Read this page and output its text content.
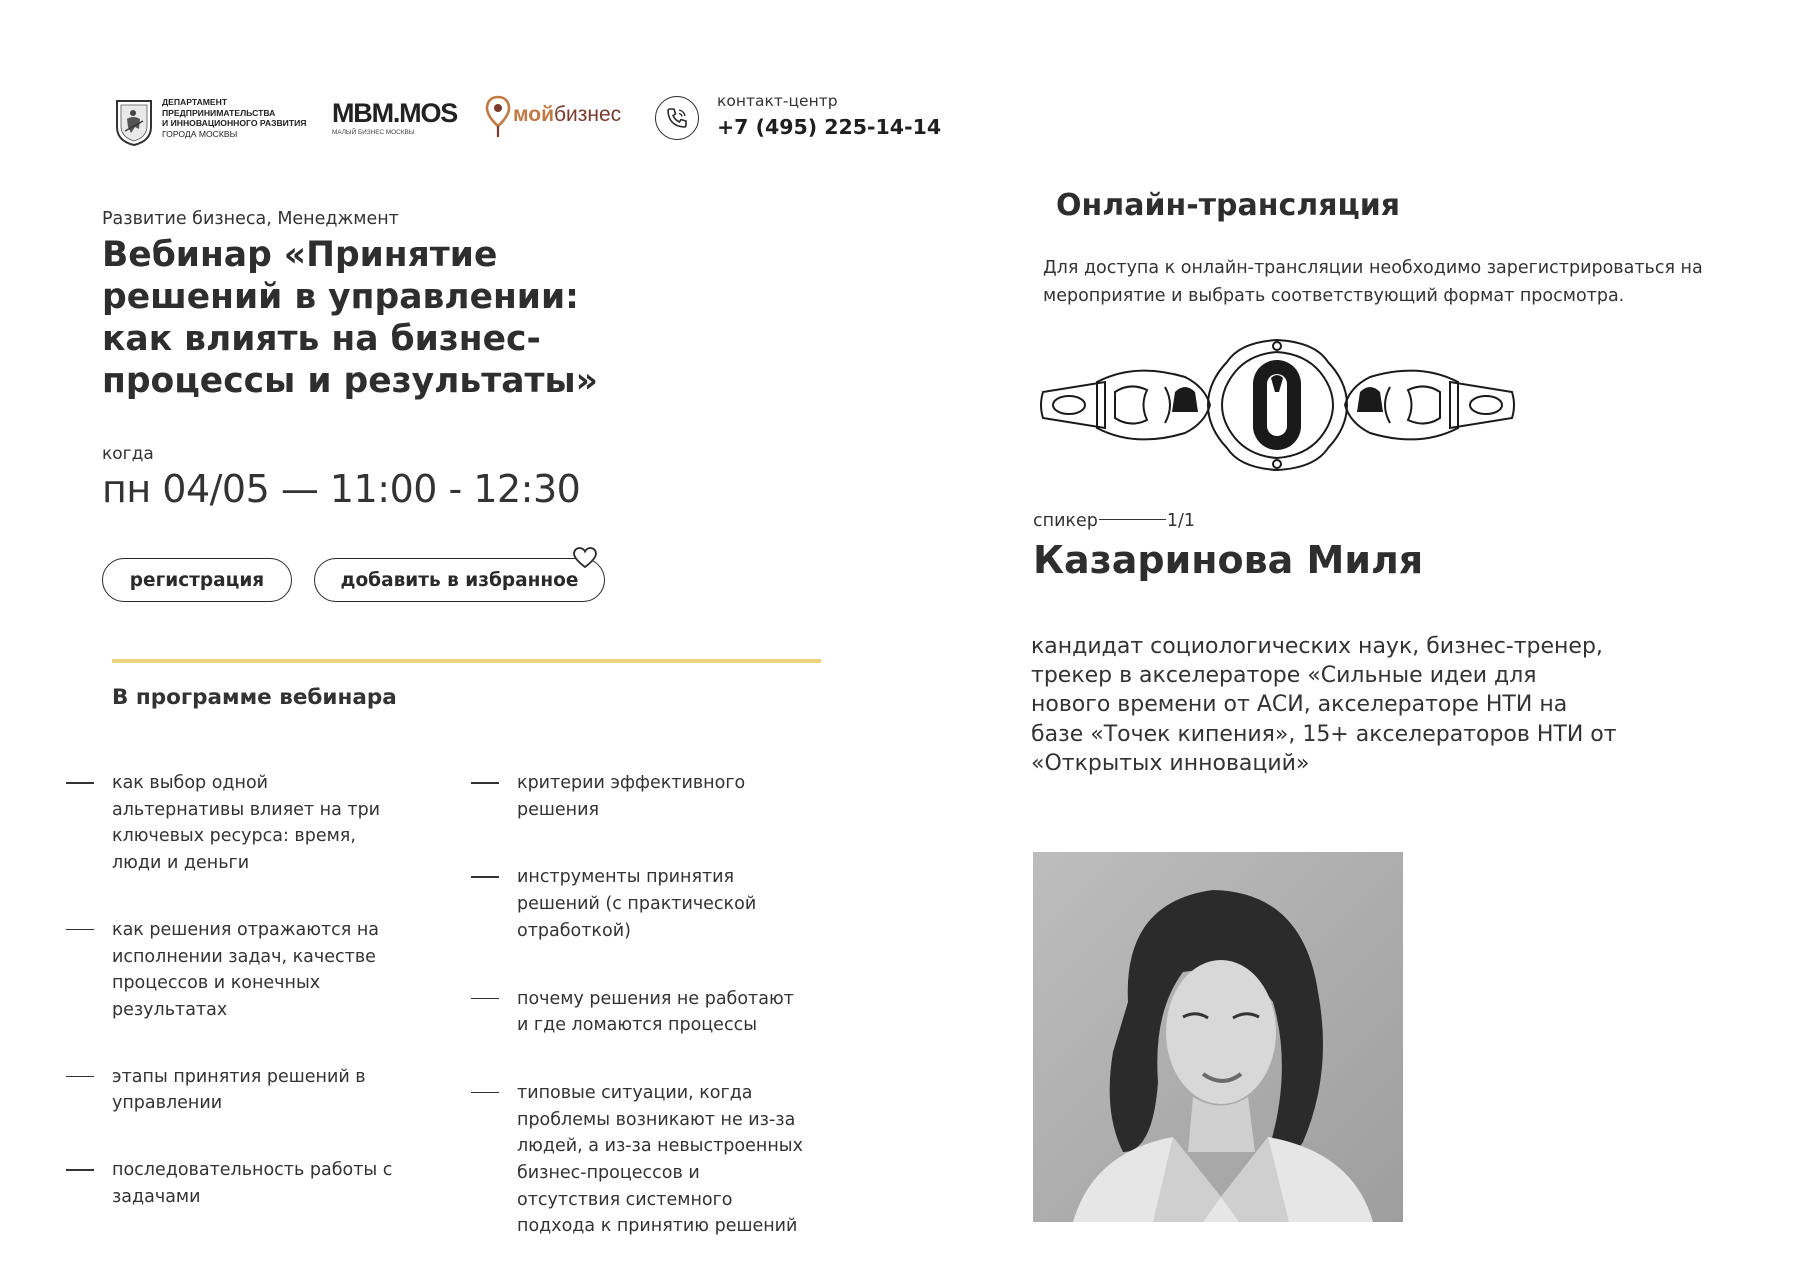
ДЕПАРТАМЕНТ
ПРЕДПРИНИМАТЕЛЬСТВА
И ИННОВАЦИОННОГО РАЗВИТИЯ
ГОРОДА МОСКВЫ
MBM.MOS
МАЛЫЙ БИЗНЕС МОСКВЫ
мойбизнес
контакт-центр
+7 (495) 225-14-14
Развитие бизнеса, Менеджмент
Вебинар «Принятие решений в управлении: как влиять на бизнес-процессы и результаты»
когда
пн 04/05 — 11:00 - 12:30
регистрация	добавить в избранное
В программе вебинара
как выбор одной альтернативы влияет на три ключевых ресурса: время, люди и деньги
как решения отражаются на исполнении задач, качестве процессов и конечных результатах
этапы принятия решений в управлении
последовательность работы с задачами
критерии эффективного решения
инструменты принятия решений (с практической отработкой)
почему решения не работают и где ломаются процессы
типовые ситуации, когда проблемы возникают не из-за людей, а из-за невыстроенных бизнес-процессов и отсутствия системного подхода к принятию решений
Онлайн-трансляция
Для доступа к онлайн-трансляции необходимо зарегистрироваться на мероприятие и выбрать соответствующий формат просмотра.
спикер	1/1
Казаринова Миля
кандидат социологических наук, бизнес-тренер, трекер в акселераторе «Сильные идеи для нового времени от АСИ, акселераторе НТИ на базе «Точек кипения», 15+ акселераторов НТИ от «Открытых инноваций»
